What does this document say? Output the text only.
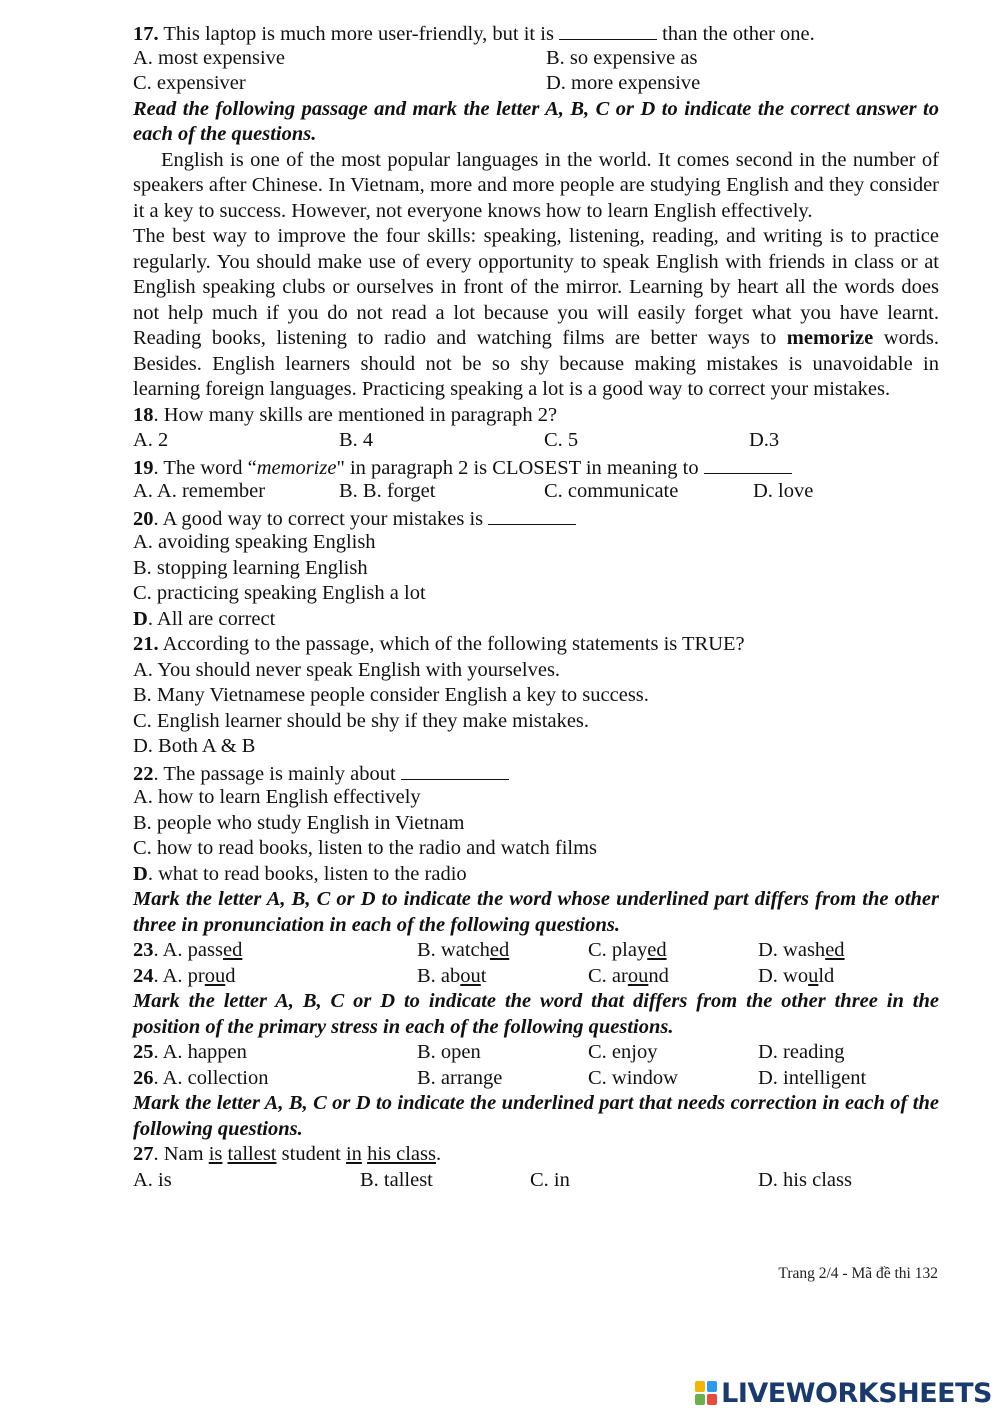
17. This laptop is much more user-friendly, but it is	than the other one.
A. most expensive	B. so expensive as
C. expensiver	D. more expensive
Read the following passage and mark the letter A, B, C or D to indicate the correct answer to each of the questions.
English is one of the most popular languages in the world. It comes second in the number of speakers after Chinese. In Vietnam, more and more people are studying English and they consider it a key to success. However, not everyone knows how to learn English effectively.
The best way to improve the four skills: speaking, listening, reading, and writing is to practice regularly. You should make use of every opportunity to speak English with friends in class or at English speaking clubs or ourselves in front of the mirror. Learning by heart all the words does not help much if you do not read a lot because you will easily forget what you have learnt. Reading books, listening to radio and watching films are better ways to memorize words. Besides. English learners should not be so shy because making mistakes is unavoidable in learning foreign languages. Practicing speaking a lot is a good way to correct your mistakes.
18. How many skills are mentioned in paragraph 2?
A. 2	B. 4	C. 5	D.3
19. The word “memorize" in paragraph 2 is CLOSEST in meaning to
A. A. remember	B. B. forget	C. communicate	D. love
20. A good way to correct your mistakes is
A. avoiding speaking English
B. stopping learning English
C. practicing speaking English a lot
D. All are correct
21. According to the passage, which of the following statements is TRUE?
A. You should never speak English with yourselves.
B. Many Vietnamese people consider English a key to success.
C. English learner should be shy if they make mistakes.
D. Both A & B
22. The passage is mainly about
A. how to learn English effectively
B. people who study English in Vietnam
C. how to read books, listen to the radio and watch films
D. what to read books, listen to the radio
Mark the letter A, B, C or D to indicate the word whose underlined part differs from the other three in pronunciation in each of the following questions.
23. A. passed	B. watched	C. played	D. washed
24. A. proud	B. about	C. around	D. would
Mark the letter A, B, C or D to indicate the word that differs from the other three in the position of the primary stress in each of the following questions.
25. A. happen	B. open	C. enjoy	D. reading
26. A. collection	B. arrange	C. window	D. intelligent
Mark the letter A, B, C or D to indicate the underlined part that needs correction in each of the following questions.
27. Nam is tallest student in his class.
A. is	B. tallest	C. in	D. his class
Trang 2/4 - Mã đề thi 132
LIVEWORKSHEETS
